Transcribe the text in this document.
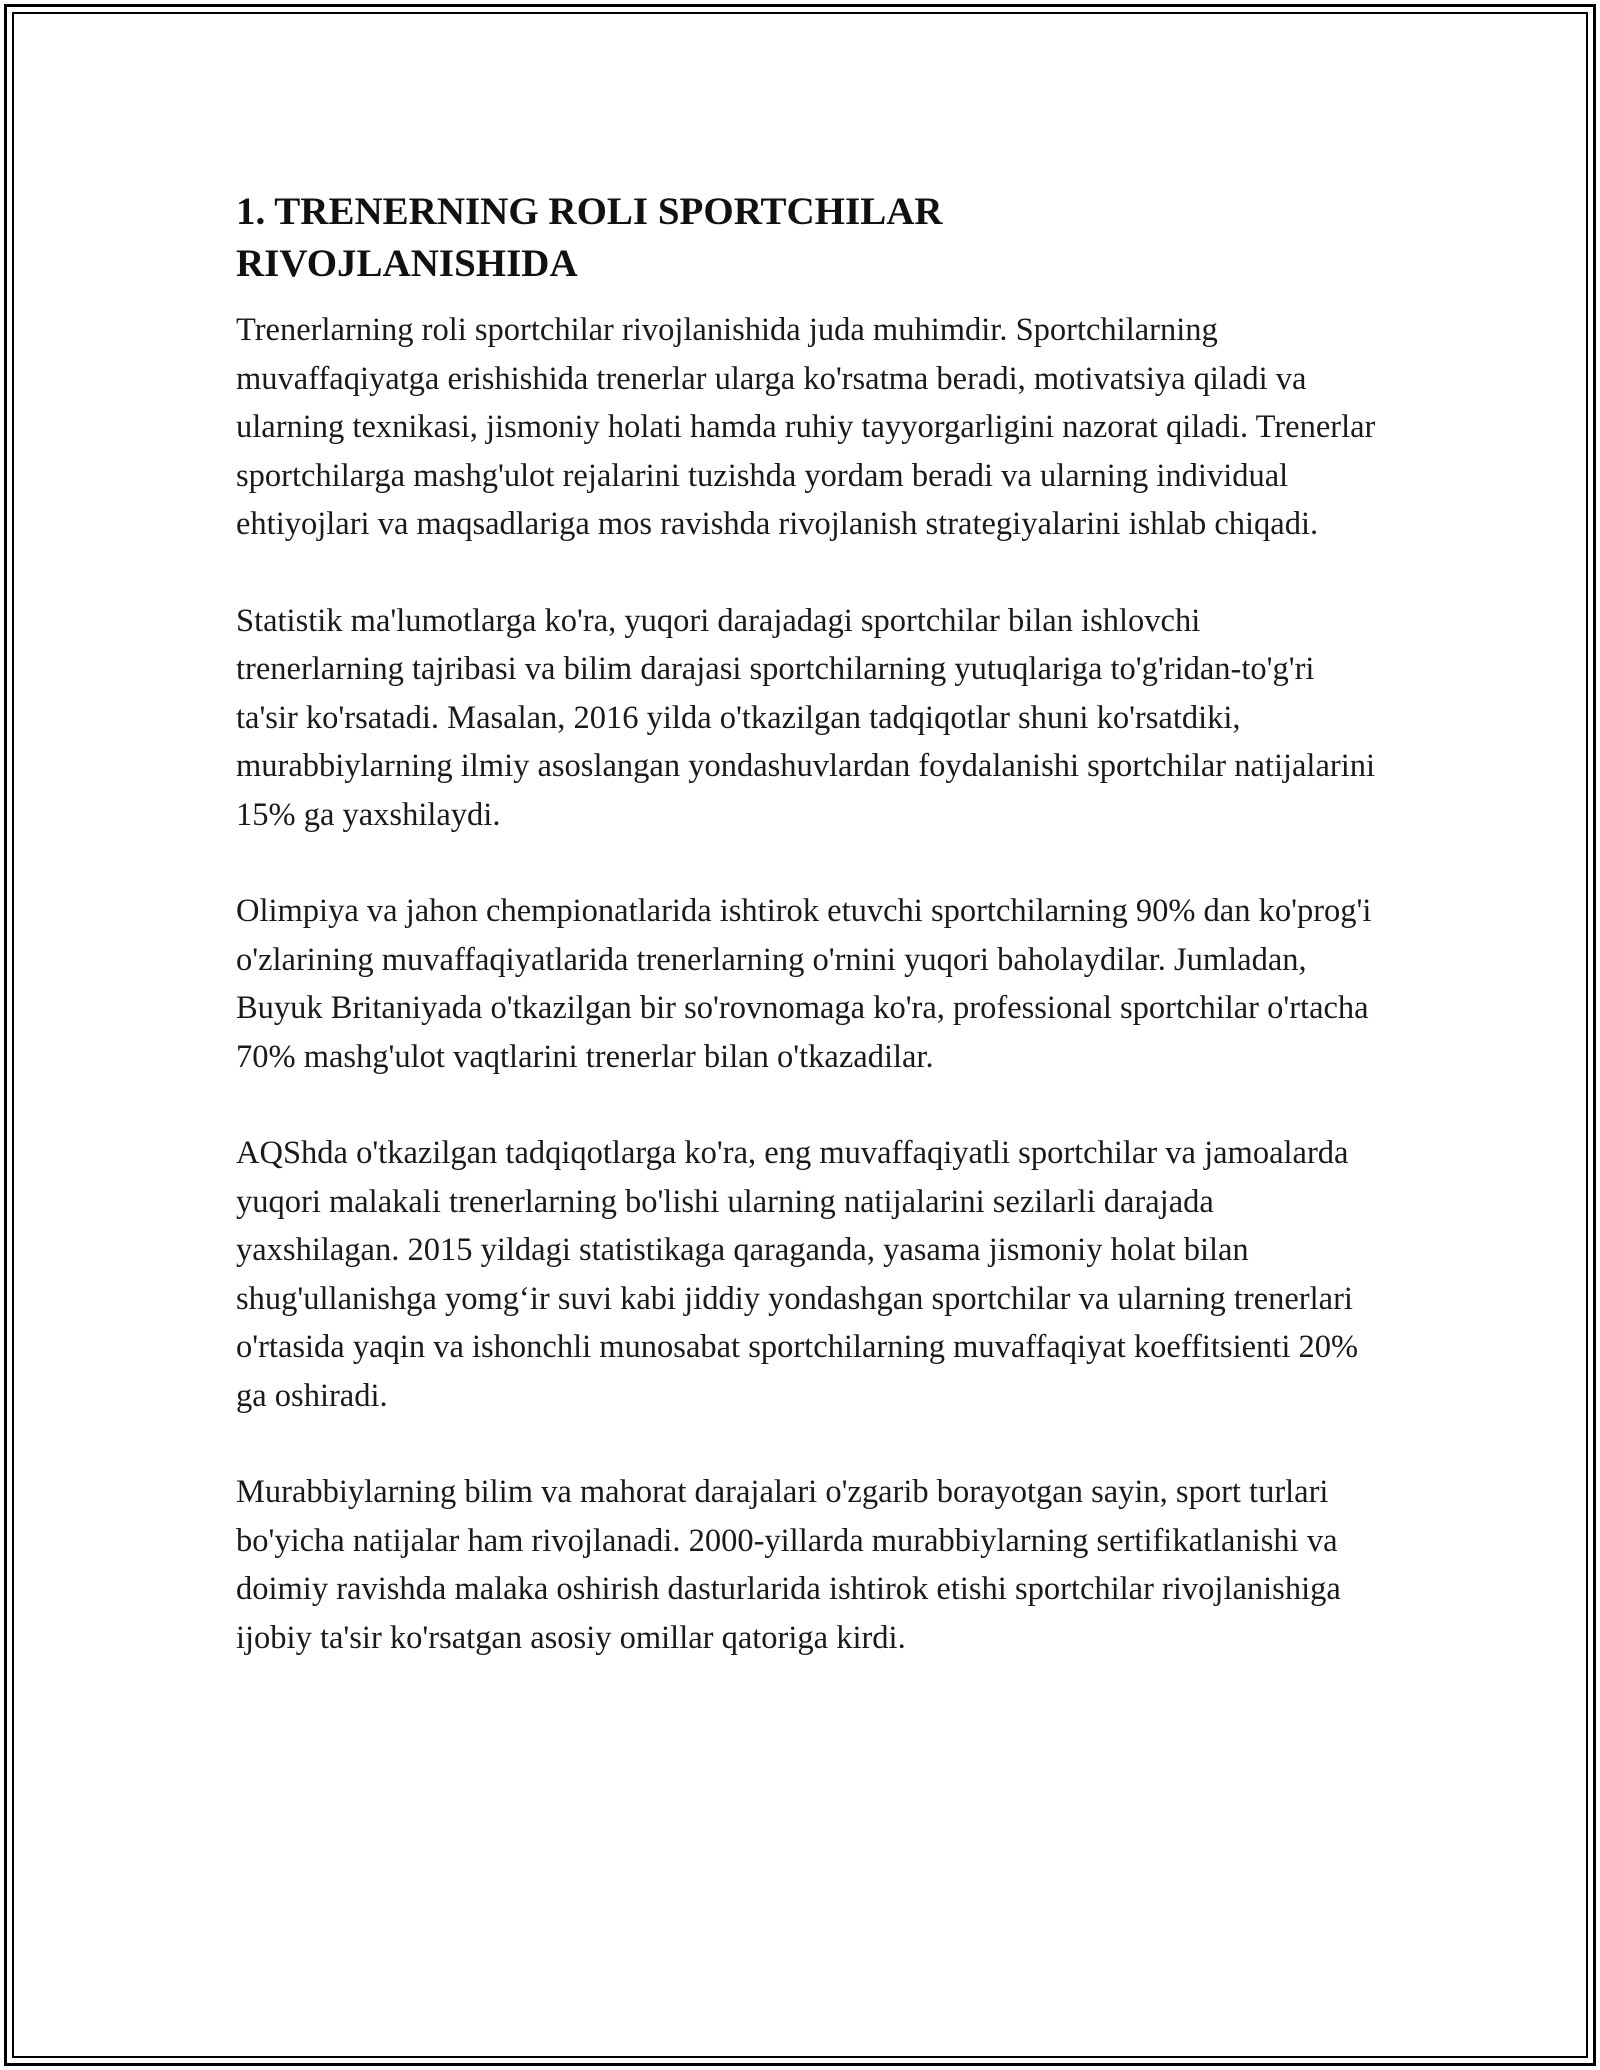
1. TRENERNING ROLI SPORTCHILAR RIVOJLANISHIDA

Trenerlarning roli sportchilar rivojlanishida juda muhimdir. Sportchilarning muvaffaqiyatga erishishida trenerlar ularga ko'rsatma beradi, motivatsiya qiladi va ularning texnikasi, jismoniy holati hamda ruhiy tayyorgarligini nazorat qiladi. Trenerlar sportchilarga mashg'ulot rejalarini tuzishda yordam beradi va ularning individual ehtiyojlari va maqsadlariga mos ravishda rivojlanish strategiyalarini ishlab chiqadi.

Statistik ma'lumotlarga ko'ra, yuqori darajadagi sportchilar bilan ishlovchi trenerlarning tajribasi va bilim darajasi sportchilarning yutuqlariga to'g'ridan-to'g'ri ta'sir ko'rsatadi. Masalan, 2016 yilda o'tkazilgan tadqiqotlar shuni ko'rsatdiki, murabbiylarning ilmiy asoslangan yondashuvlardan foydalanishi sportchilar natijalarini 15% ga yaxshilaydi.

Olimpiya va jahon chempionatlarida ishtirok etuvchi sportchilarning 90% dan ko'prog'i o'zlarining muvaffaqiyatlarida trenerlarning o'rnini yuqori baholaydilar. Jumladan, Buyuk Britaniyada o'tkazilgan bir so'rovnomaga ko'ra, professional sportchilar o'rtacha 70% mashg'ulot vaqtlarini trenerlar bilan o'tkazadilar.

AQShda o'tkazilgan tadqiqotlarga ko'ra, eng muvaffaqiyatli sportchilar va jamoalarda yuqori malakali trenerlarning bo'lishi ularning natijalarini sezilarli darajada yaxshilagan. 2015 yildagi statistikaga qaraganda, yasama jismoniy holat bilan shug'ullanishga yomg‘ir suvi kabi jiddiy yondashgan sportchilar va ularning trenerlari o'rtasida yaqin va ishonchli munosabat sportchilarning muvaffaqiyat koeffitsienti 20% ga oshiradi.

Murabbiylarning bilim va mahorat darajalari o'zgarib borayotgan sayin, sport turlari bo'yicha natijalar ham rivojlanadi. 2000-yillarda murabbiylarning sertifikatlanishi va doimiy ravishda malaka oshirish dasturlarida ishtirok etishi sportchilar rivojlanishiga ijobiy ta'sir ko'rsatgan asosiy omillar qatoriga kirdi.
